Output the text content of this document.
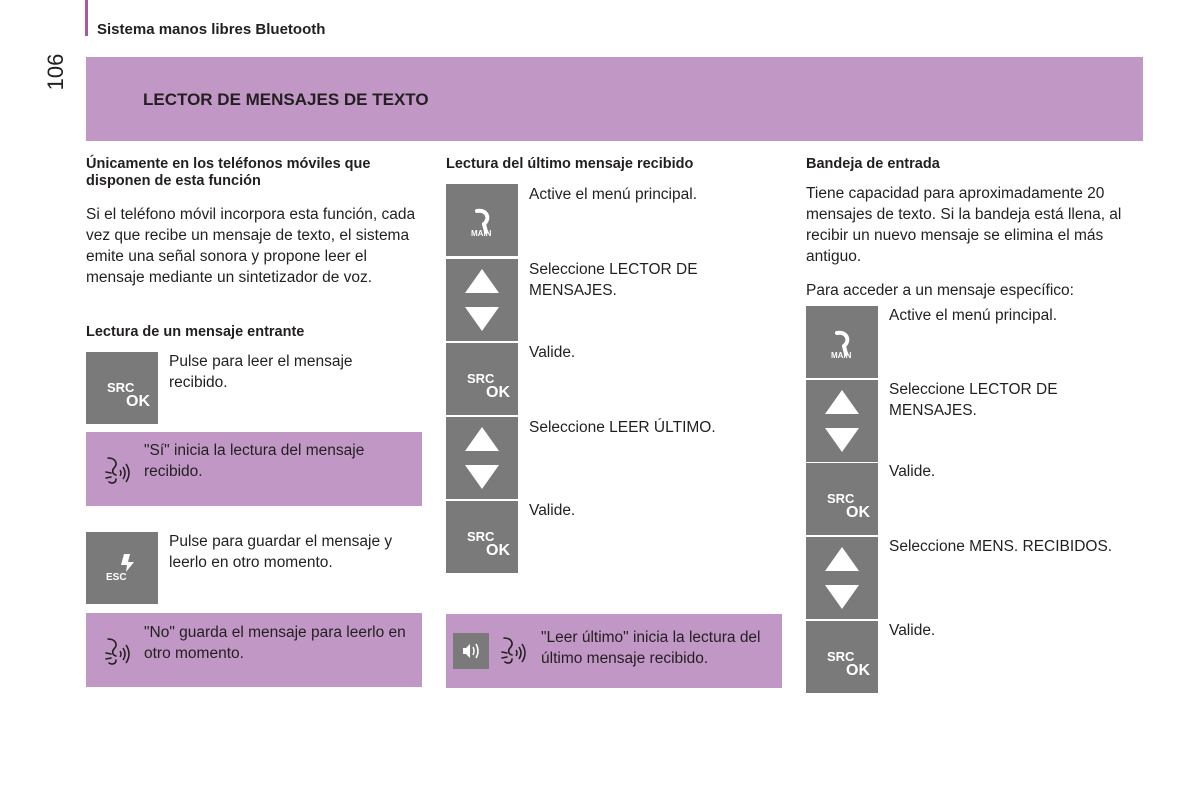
Sistema manos libres Bluetooth
106
LECTOR DE MENSAJES DE TEXTO
Únicamente en los teléfonos móviles que disponen de esta función
Si el teléfono móvil incorpora esta función, cada vez que recibe un mensaje de texto, el sistema emite una señal sonora y propone leer el mensaje mediante un sintetizador de voz.
Lectura de un mensaje entrante
SRC
OK
Pulse para leer el mensaje recibido.
"Sí" inicia la lectura del mensaje recibido.
ESC
Pulse para guardar el mensaje y leerlo en otro momento.
"No" guarda el mensaje para leerlo en otro momento.
Lectura del último mensaje recibido
MAIN
Active el menú principal.
Seleccione LECTOR DE MENSAJES.
SRC
OK
Valide.
Seleccione LEER ÚLTIMO.
SRC
OK
Valide.
"Leer último" inicia la lectura del último mensaje recibido.
Bandeja de entrada
Tiene capacidad para aproximadamente 20 mensajes de texto. Si la bandeja está llena, al recibir un nuevo mensaje se elimina el más antiguo.
Para acceder a un mensaje específico:
MAIN
Active el menú principal.
Seleccione LECTOR DE MENSAJES.
SRC
OK
Valide.
Seleccione MENS. RECIBIDOS.
SRC
OK
Valide.
